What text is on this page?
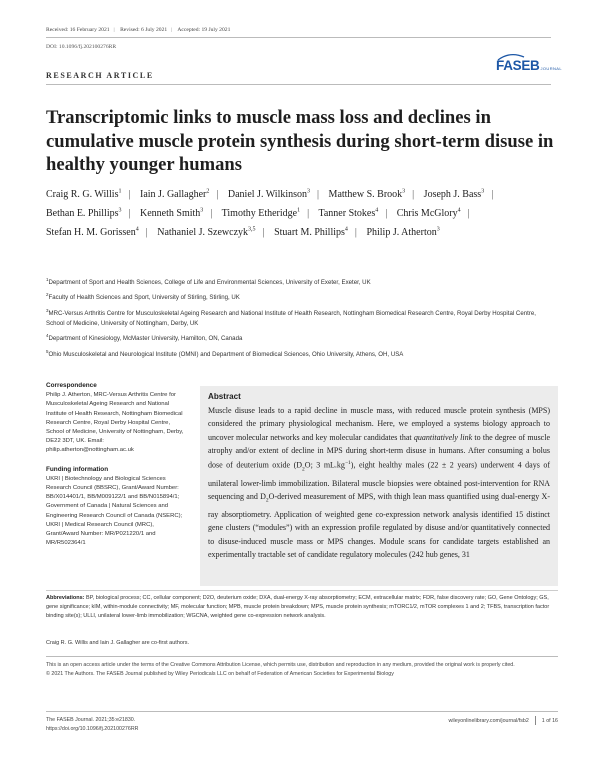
Received: 16 February 2021 | Revised: 6 July 2021 | Accepted: 19 July 2021
DOI: 10.1096/fj.202100276RR
RESEARCH ARTICLE
FASEBJOURNAL
Transcriptomic links to muscle mass loss and declines in cumulative muscle protein synthesis during short-term disuse in healthy younger humans
Craig R. G. Willis$^1$ | Iain J. Gallagher$^2$ | Daniel J. Wilkinson$^3$ | Matthew S. Brook$^3$ | Joseph J. Bass$^3$ | Bethan E. Phillips$^3$ | Kenneth Smith$^3$ | Timothy Etheridge$^1$ | Tanner Stokes$^4$ | Chris McGlory$^4$ | Stefan H. M. Gorissen$^4$ | Nathaniel J. Szewczyk$^{3,5}$ | Stuart M. Phillips$^4$ | Philip J. Atherton$^3$
$^1$Department of Sport and Health Sciences, College of Life and Environmental Sciences, University of Exeter, Exeter, UK
$^2$Faculty of Health Sciences and Sport, University of Stirling, Stirling, UK
$^3$MRC-Versus Arthritis Centre for Musculoskeletal Ageing Research and National Institute of Health Research, Nottingham Biomedical Research Centre, Royal Derby Hospital Centre, School of Medicine, University of Nottingham, Derby, UK
$^4$Department of Kinesiology, McMaster University, Hamilton, ON, Canada
$^5$Ohio Musculoskeletal and Neurological Institute (OMNI) and Department of Biomedical Sciences, Ohio University, Athens, OH, USA
Correspondence
Philip J. Atherton, MRC-Versus Arthritis Centre for Musculoskeletal Ageing Research and National Institute of Health Research, Nottingham Biomedical Research Centre, Royal Derby Hospital Centre, School of Medicine, University of Nottingham, Derby, DE22 3DT, UK. Email: philip.atherton@nottingham.ac.uk
Funding information
UKRI | Biotechnology and Biological Sciences Research Council (BBSRC), Grant/Award Number: BB/X014401/1, BB/M009122/1 and BB/N015894/1; Government of Canada | Natural Sciences and Engineering Research Council of Canada (NSERC); UKRI | Medical Research Council (MRC), Grant/Award Number: MR/P021220/1 and MR/R502364/1
Abstract

Muscle disuse leads to a rapid decline in muscle mass, with reduced muscle protein synthesis (MPS) considered the primary physiological mechanism. Here, we employed a systems biology approach to uncover molecular networks and key molecular candidates that quantitatively link to the degree of muscle atrophy and/or extent of decline in MPS during short-term disuse in humans. After consuming a bolus dose of deuterium oxide ($D_2O$; 3 $mL.kg^{-1}$), eight healthy males (22 ± 2 years) underwent 4 days of unilateral lower-limb immobilization. Bilateral muscle biopsies were obtained post-intervention for RNA sequencing and $D_2O$-derived measurement of MPS, with thigh lean mass quantified using dual-energy X-ray absorptiometry. Application of weighted gene co-expression network analysis identified 15 distinct gene clusters (“modules”) with an expression profile regulated by disuse and/or quantitatively connected to disuse-induced muscle mass or MPS changes. Module scans for candidate targets established an experimentally tractable set of candidate regulatory molecules (242 hub genes, 31

Abbreviations: BP, biological process; CC, cellular component; D2O, deuterium oxide; DXA, dual-energy X-ray absorptiometry; ECM, extracellular matrix; FDR, false discovery rate; GO, Gene Ontology; GS, gene significance; kIM, within-module connectivity; MF, molecular function; MPB, muscle protein breakdown; MPS, muscle protein synthesis; mTORC1/2, mTOR complexes 1 and 2; TFBS, transcription factor binding site(s); ULLI, unilateral lower-limb immobilization; WGCNA, weighted gene co-expression network analysis.
Craig R. G. Willis and Iain J. Gallagher are co-first authors.
This is an open access article under the terms of the Creative Commons Attribution License, which permits use, distribution and reproduction in any medium, provided the original work is properly cited.
© 2021 The Authors. The FASEB Journal published by Wiley Periodicals LLC on behalf of Federation of American Societies for Experimental Biology
The FASEB Journal. 2021;35:e21830.
https://doi.org/10.1096/fj.202100276RR
wileyonlinelibrary.com/journal/fsb2 1 of 16
